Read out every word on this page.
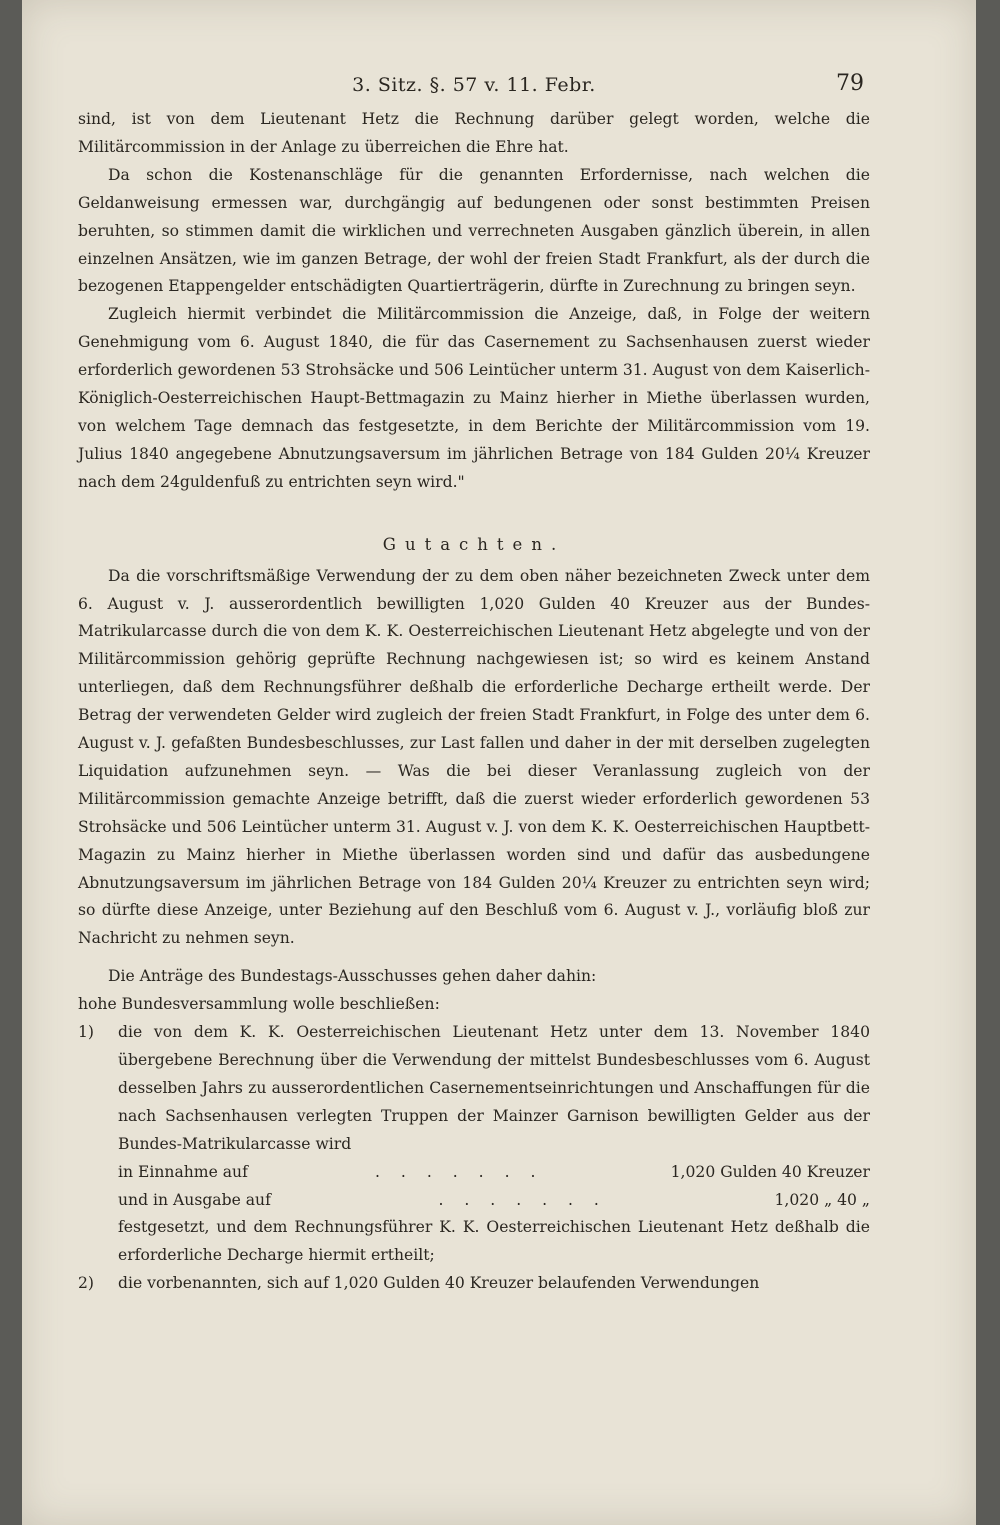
3. Sitz. §. 57 v. 11. Febr.	79

sind, ist von dem Lieutenant Hetz die Rechnung darüber gelegt worden, welche die Militärcommission in der Anlage zu überreichen die Ehre hat.

Da schon die Kostenanschläge für die genannten Erfordernisse, nach welchen die Geldanweisung ermessen war, durchgängig auf bedungenen oder sonst bestimmten Preisen beruhten, so stimmen damit die wirklichen und verrechneten Ausgaben gänzlich überein, in allen einzelnen Ansätzen, wie im ganzen Betrage, der wohl der freien Stadt Frankfurt, als der durch die bezogenen Etappengelder entschädigten Quartierträgerin, dürfte in Zurechnung zu bringen seyn.

Zugleich hiermit verbindet die Militärcommission die Anzeige, daß, in Folge der weitern Genehmigung vom 6. August 1840, die für das Casernement zu Sachsenhausen zuerst wieder erforderlich gewordenen 53 Strohsäcke und 506 Leintücher unterm 31. August von dem Kaiserlich-Königlich-Oesterreichischen Haupt-Bettmagazin zu Mainz hierher in Miethe überlassen wurden, von welchem Tage demnach das festgesetzte, in dem Berichte der Militärcommission vom 19. Julius 1840 angegebene Abnutzungsaversum im jährlichen Betrage von 184 Gulden 20¼ Kreuzer nach dem 24guldenfuß zu entrichten seyn wird."

Gutachten.

Da die vorschriftsmäßige Verwendung der zu dem oben näher bezeichneten Zweck unter dem 6. August v. J. ausserordentlich bewilligten 1,020 Gulden 40 Kreuzer aus der Bundes-Matrikularcasse durch die von dem K. K. Oesterreichischen Lieutenant Hetz abgelegte und von der Militärcommission gehörig geprüfte Rechnung nachgewiesen ist; so wird es keinem Anstand unterliegen, daß dem Rechnungsführer deßhalb die erforderliche Decharge ertheilt werde. Der Betrag der verwendeten Gelder wird zugleich der freien Stadt Frankfurt, in Folge des unter dem 6. August v. J. gefaßten Bundesbeschlusses, zur Last fallen und daher in der mit derselben zugelegten Liquidation aufzunehmen seyn. — Was die bei dieser Veranlassung zugleich von der Militärcommission gemachte Anzeige betrifft, daß die zuerst wieder erforderlich gewordenen 53 Strohsäcke und 506 Leintücher unterm 31. August v. J. von dem K. K. Oesterreichischen Hauptbett-Magazin zu Mainz hierher in Miethe überlassen worden sind und dafür das ausbedungene Abnutzungsaversum im jährlichen Betrage von 184 Gulden 20¼ Kreuzer zu entrichten seyn wird; so dürfte diese Anzeige, unter Beziehung auf den Beschluß vom 6. August v. J., vorläufig bloß zur Nachricht zu nehmen seyn.

Die Anträge des Bundestags-Ausschusses gehen daher dahin:

hohe Bundesversammlung wolle beschließen:

1) die von dem K. K. Oesterreichischen Lieutenant Hetz unter dem 13. November 1840 übergebene Berechnung über die Verwendung der mittelst Bundesbeschlusses vom 6. August desselben Jahrs zu ausserordentlichen Casernementseinrichtungen und Anschaffungen für die nach Sachsenhausen verlegten Truppen der Mainzer Garnison bewilligten Gelder aus der Bundes-Matrikularcasse wird

in Einnahme auf	. . . . . . .	1,020 Gulden 40 Kreuzer
und in Ausgabe auf	. . . . . . .	1,020 „ 40 „

festgesetzt, und dem Rechnungsführer K. K. Oesterreichischen Lieutenant Hetz deßhalb die erforderliche Decharge hiermit ertheilt;

2) die vorbenannten, sich auf 1,020 Gulden 40 Kreuzer belaufenden Verwendungen
